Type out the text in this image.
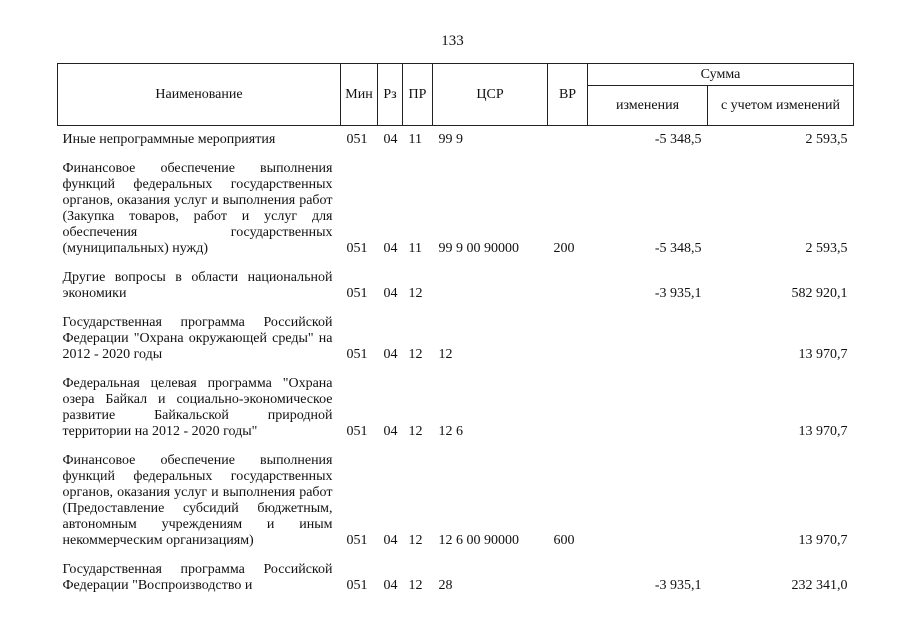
133
Наименование	Мин	Рз	ПР	ЦСР	ВР	Сумма	
						изменения	с учетом изменений
Иные непрограммные мероприятия	051	04	11	99 9		-5 348,5	2 593,5
Финансовое обеспечение выполнения функций федеральных государственных органов, оказания услуг и выполнения работ (Закупка товаров, работ и услуг для обеспечения государственных (муниципальных) нужд)	051	04	11	99 9 00 90000	200	-5 348,5	2 593,5
Другие вопросы в области национальной экономики	051	04	12			-3 935,1	582 920,1
Государственная программа Российской Федерации "Охрана окружающей среды" на 2012 - 2020 годы	051	04	12	12			13 970,7
Федеральная целевая программа "Охрана озера Байкал и социально-экономическое развитие Байкальской природной территории на 2012 - 2020 годы"	051	04	12	12 6			13 970,7
Финансовое обеспечение выполнения функций федеральных государственных органов, оказания услуг и выполнения работ (Предоставление субсидий бюджетным, автономным учреждениям и иным некоммерческим организациям)	051	04	12	12 6 00 90000	600		13 970,7
Государственная программа Российской Федерации "Воспроизводство и	051	04	12	28		-3 935,1	232 341,0
